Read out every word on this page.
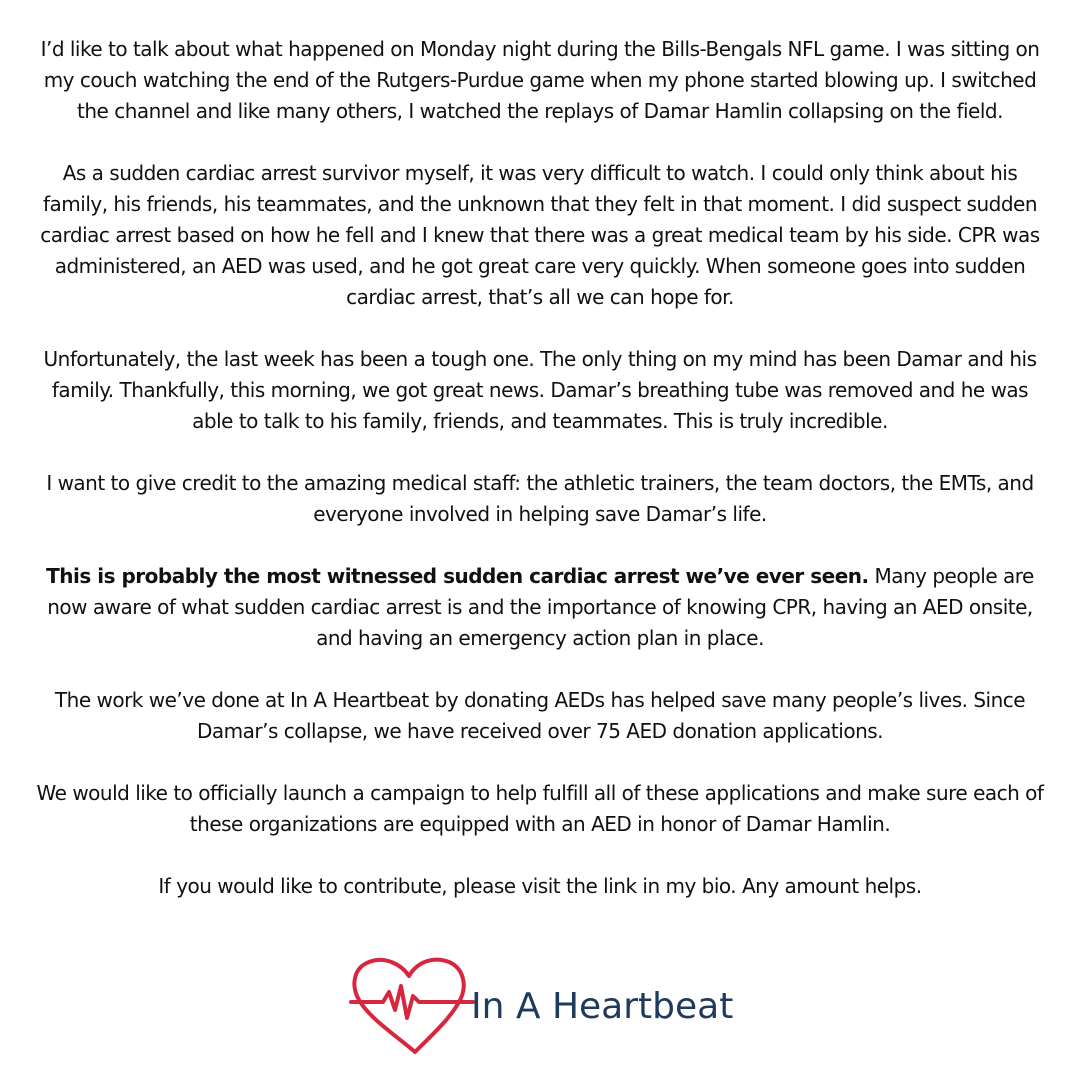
I’d like to talk about what happened on Monday night during the Bills-Bengals NFL game. I was sitting on my couch watching the end of the Rutgers-Purdue game when my phone started blowing up. I switched the channel and like many others, I watched the replays of Damar Hamlin collapsing on the field.

As a sudden cardiac arrest survivor myself, it was very difficult to watch. I could only think about his family, his friends, his teammates, and the unknown that they felt in that moment. I did suspect sudden cardiac arrest based on how he fell and I knew that there was a great medical team by his side. CPR was administered, an AED was used, and he got great care very quickly. When someone goes into sudden cardiac arrest, that’s all we can hope for.

Unfortunately, the last week has been a tough one. The only thing on my mind has been Damar and his family. Thankfully, this morning, we got great news. Damar’s breathing tube was removed and he was able to talk to his family, friends, and teammates. This is truly incredible.

I want to give credit to the amazing medical staff: the athletic trainers, the team doctors, the EMTs, and everyone involved in helping save Damar’s life.

This is probably the most witnessed sudden cardiac arrest we’ve ever seen. Many people are now aware of what sudden cardiac arrest is and the importance of knowing CPR, having an AED onsite, and having an emergency action plan in place.

The work we’ve done at In A Heartbeat by donating AEDs has helped save many people’s lives. Since Damar’s collapse, we have received over 75 AED donation applications.

We would like to officially launch a campaign to help fulfill all of these applications and make sure each of these organizations are equipped with an AED in honor of Damar Hamlin.

If you would like to contribute, please visit the link in my bio. Any amount helps.

In A Heartbeat
